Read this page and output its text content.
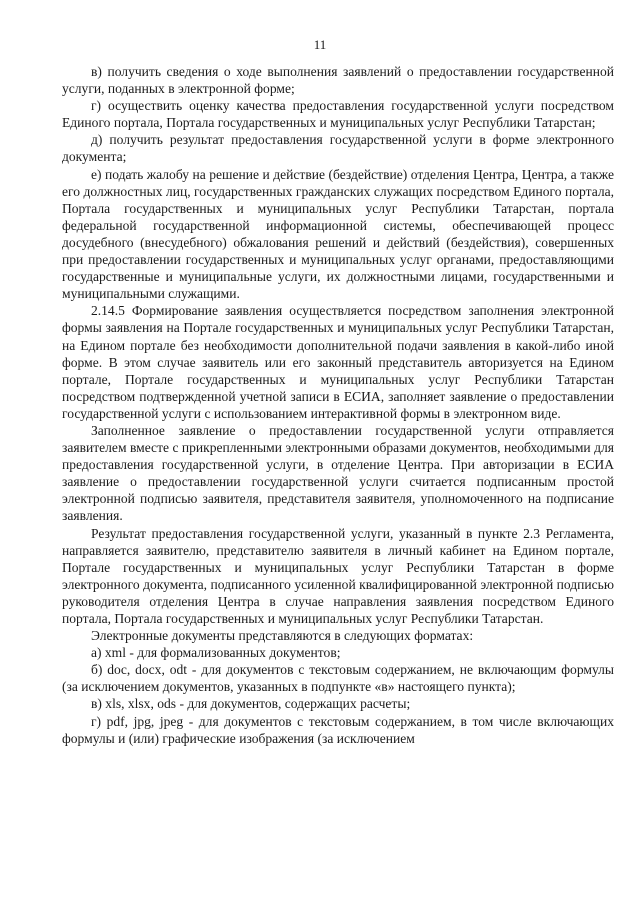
11

в) получить сведения о ходе выполнения заявлений о предоставлении государственной услуги, поданных в электронной форме;

г) осуществить оценку качества предоставления государственной услуги посредством Единого портала, Портала государственных и муниципальных услуг Республики Татарстан;

д) получить результат предоставления государственной услуги в форме электронного документа;

е) подать жалобу на решение и действие (бездействие) отделения Центра, Центра, а также его должностных лиц, государственных гражданских служащих посредством Единого портала, Портала государственных и муниципальных услуг Республики Татарстан, портала федеральной государственной информационной системы, обеспечивающей процесс досудебного (внесудебного) обжалования решений и действий (бездействия), совершенных при предоставлении государственных и муниципальных услуг органами, предоставляющими государственные и муниципальные услуги, их должностными лицами, государственными и муниципальными служащими.

2.14.5 Формирование заявления осуществляется посредством заполнения электронной формы заявления на Портале государственных и муниципальных услуг Республики Татарстан, на Едином портале без необходимости дополнительной подачи заявления в какой-либо иной форме. В этом случае заявитель или его законный представитель авторизуется на Едином портале, Портале государственных и муниципальных услуг Республики Татарстан посредством подтвержденной учетной записи в ЕСИА, заполняет заявление о предоставлении государственной услуги с использованием интерактивной формы в электронном виде.

Заполненное заявление о предоставлении государственной услуги отправляется заявителем вместе с прикрепленными электронными образами документов, необходимыми для предоставления государственной услуги, в отделение Центра. При авторизации в ЕСИА заявление о предоставлении государственной услуги считается подписанным простой электронной подписью заявителя, представителя заявителя, уполномоченного на подписание заявления.

Результат предоставления государственной услуги, указанный в пункте 2.3 Регламента, направляется заявителю, представителю заявителя в личный кабинет на Едином портале, Портале государственных и муниципальных услуг Республики Татарстан в форме электронного документа, подписанного усиленной квалифицированной электронной подписью руководителя отделения Центра в случае направления заявления посредством Единого портала, Портала государственных и муниципальных услуг Республики Татарстан.

Электронные документы представляются в следующих форматах:

а) xml - для формализованных документов;

б) doc, docx, odt - для документов с текстовым содержанием, не включающим формулы (за исключением документов, указанных в подпункте «в» настоящего пункта);

в) xls, xlsx, ods - для документов, содержащих расчеты;

г) pdf, jpg, jpeg - для документов с текстовым содержанием, в том числе включающих формулы и (или) графические изображения (за исключением
